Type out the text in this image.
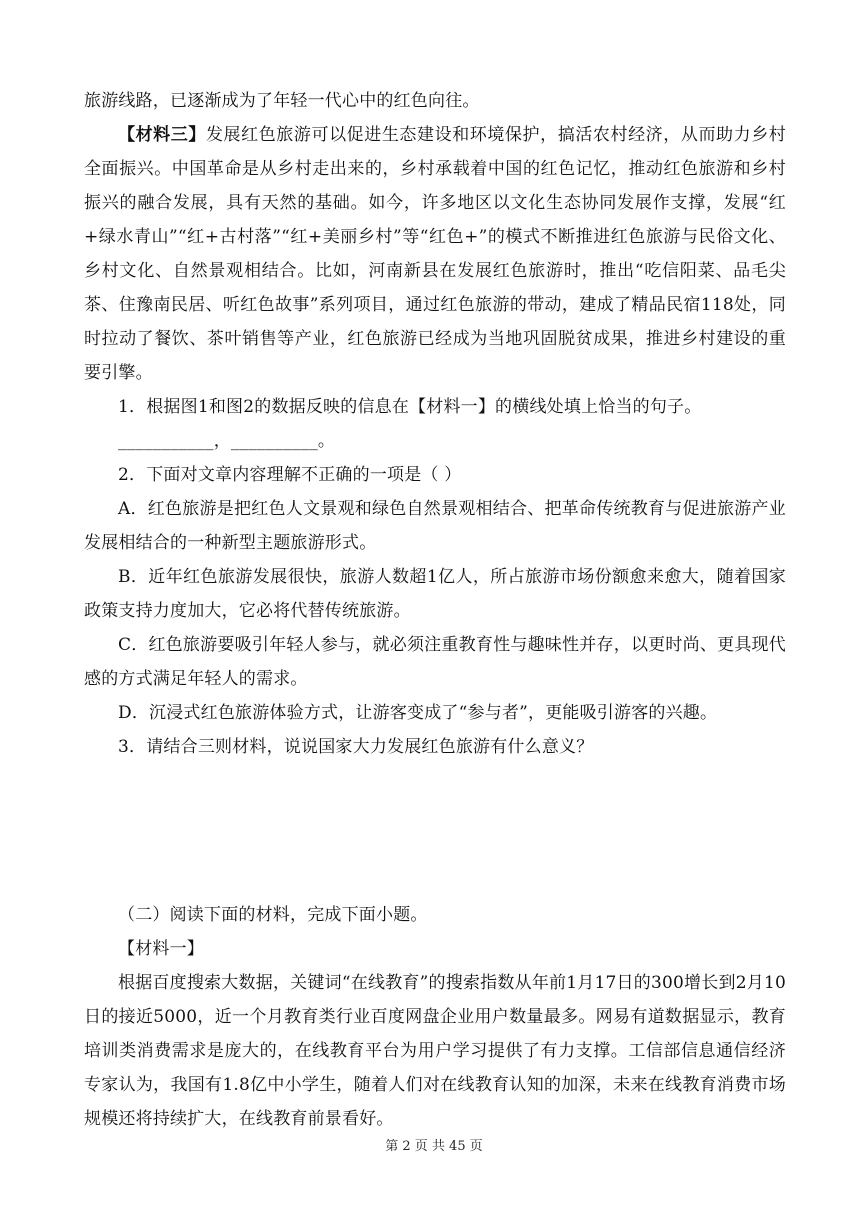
旅游线路，已逐渐成为了年轻一代心中的红色向往。

【材料三】发展红色旅游可以促进生态建设和环境保护，搞活农村经济，从而助力乡村全面振兴。中国革命是从乡村走出来的，乡村承载着中国的红色记忆，推动红色旅游和乡村振兴的融合发展，具有天然的基础。如今，许多地区以文化生态协同发展作支撑，发展“红+绿水青山”“红+古村落”“红+美丽乡村”等“红色+”的模式不断推进红色旅游与民俗文化、乡村文化、自然景观相结合。比如，河南新县在发展红色旅游时，推出“吃信阳菜、品毛尖茶、住豫南民居、听红色故事”系列项目，通过红色旅游的带动，建成了精品民宿118处，同时拉动了餐饮、茶叶销售等产业，红色旅游已经成为当地巩固脱贫成果，推进乡村建设的重要引擎。

1．根据图1和图2的数据反映的信息在【材料一】的横线处填上恰当的句子。

___________，__________。

2．下面对文章内容理解不正确的一项是（ ）

A．红色旅游是把红色人文景观和绿色自然景观相结合、把革命传统教育与促进旅游产业发展相结合的一种新型主题旅游形式。

B．近年红色旅游发展很快，旅游人数超1亿人，所占旅游市场份额愈来愈大，随着国家政策支持力度加大，它必将代替传统旅游。

C．红色旅游要吸引年轻人参与，就必须注重教育性与趣味性并存，以更时尚、更具现代感的方式满足年轻人的需求。

D．沉浸式红色旅游体验方式，让游客变成了“参与者”，更能吸引游客的兴趣。

3．请结合三则材料，说说国家大力发展红色旅游有什么意义？

（二）阅读下面的材料，完成下面小题。

【材料一】

根据百度搜索大数据，关键词“在线教育”的搜索指数从年前1月17日的300增长到2月10日的接近5000，近一个月教育类行业百度网盘企业用户数量最多。网易有道数据显示，教育培训类消费需求是庞大的，在线教育平台为用户学习提供了有力支撑。工信部信息通信经济专家认为，我国有1.8亿中小学生，随着人们对在线教育认知的加深，未来在线教育消费市场规模还将持续扩大，在线教育前景看好。

第 2 页 共 45 页
